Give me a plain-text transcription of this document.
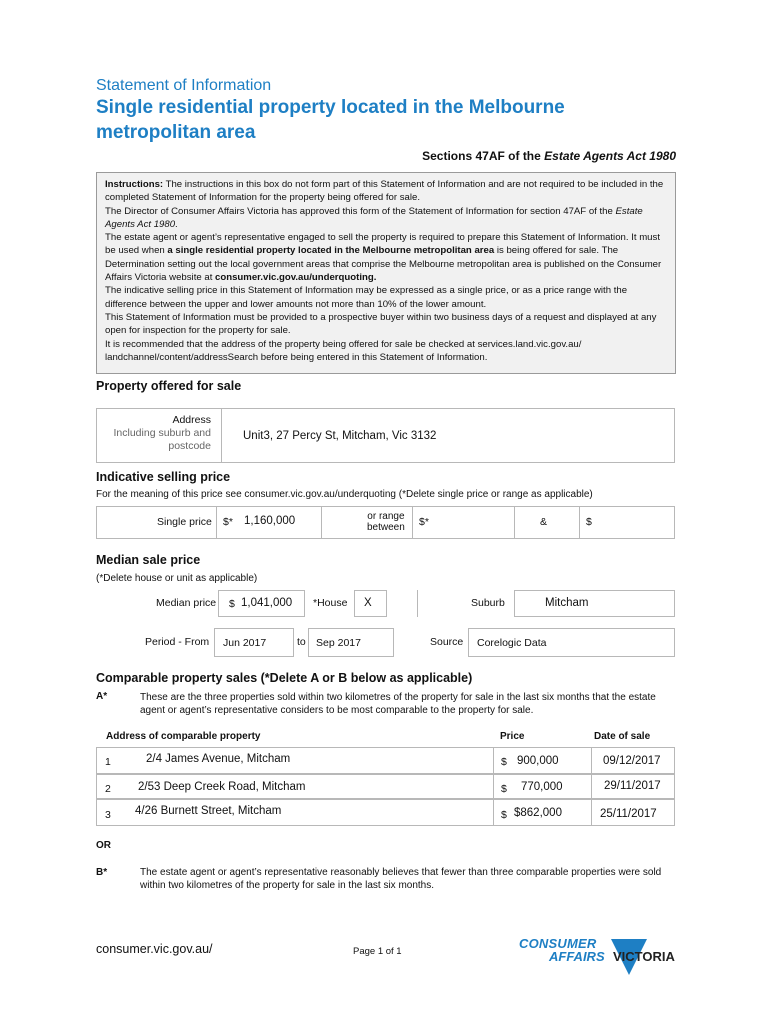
Statement of Information
Single residential property located in the Melbourne
metropolitan area
Sections 47AF of the Estate Agents Act 1980

Instructions: The instructions in this box do not form part of this Statement of Information and are not required to be included in the completed Statement of Information for the property being offered for sale.

The Director of Consumer Affairs Victoria has approved this form of the Statement of Information for section 47AF of the Estate Agents Act 1980.

The estate agent or agent’s representative engaged to sell the property is required to prepare this Statement of Information. It must be used when a single residential property located in the Melbourne metropolitan area is being offered for sale. The Determination setting out the local government areas that comprise the Melbourne metropolitan area is published on the Consumer Affairs Victoria website at consumer.vic.gov.au/underquoting.

The indicative selling price in this Statement of Information may be expressed as a single price, or as a price range with the difference between the upper and lower amounts not more than 10% of the lower amount.

This Statement of Information must be provided to a prospective buyer within two business days of a request and displayed at any open for inspection for the property for sale.

It is recommended that the address of the property being offered for sale be checked at services.land.vic.gov.au/ landchannel/content/addressSearch before being entered in this Statement of Information.

Property offered for sale
Address
Including suburb and
postcode
Unit3, 27 Percy St, Mitcham, Vic 3132
Indicative selling price
For the meaning of this price see consumer.vic.gov.au/underquoting (*Delete single price or range as applicable)
Single price $* 1,160,000	or range
between $*	&	$
Median sale price
(*Delete house or unit as applicable)
Median price $ 1,041,000 *House X	Suburb	Mitcham
Period - From Jun 2017	to Sep 2017	Source Corelogic Data
Comparable property sales (*Delete A or B below as applicable)
A*	These are the three properties sold within two kilometres of the property for sale in the last six months that the estate agent or agent’s representative considers to be most comparable to the property for sale.
Address of comparable property	Price	Date of sale
1	2/4 James Avenue, Mitcham	$ 900,000	09/12/2017
2 2/53 Deep Creek Road, Mitcham	$ 770,000	29/11/2017
3 4/26 Burnett Street, Mitcham	$ $862,000	25/11/2017
OR
B*	The estate agent or agent’s representative reasonably believes that fewer than three comparable properties were sold within two kilometres of the property for sale in the last six months.
consumer.vic.gov.au/	Page 1 of 1
CONSUMER
AFFAIRS VICTORIA
